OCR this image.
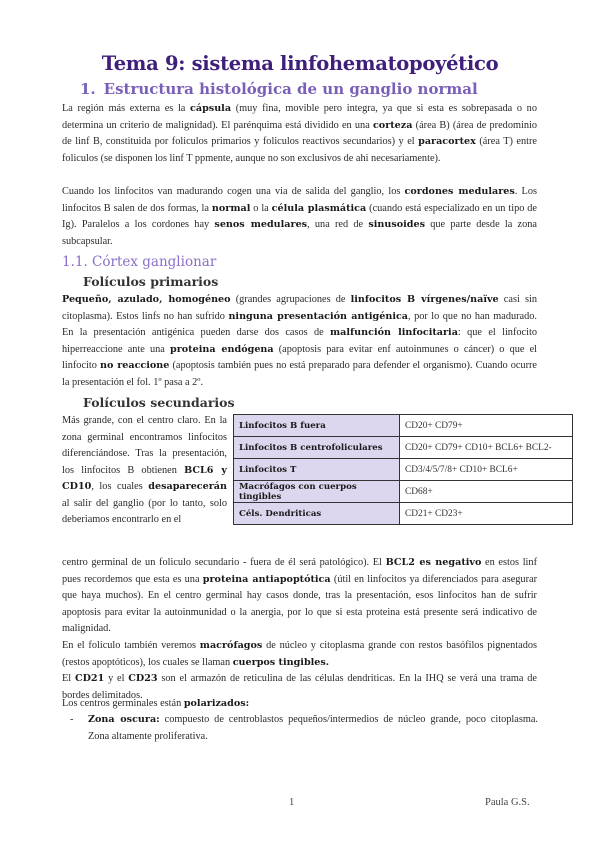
Tema 9: sistema linfohematopoyético
1. Estructura histológica de un ganglio normal
La región más externa es la cápsula (muy fina, movible pero integra, ya que si esta es sobrepasada o no determina un criterio de malignidad). El parénquima está dividido en una corteza (área B) (área de predominio de linf B, constituida por foliculos primarios y foliculos reactivos secundarios) y el paracortex (área T) entre foliculos (se disponen los linf T ppmente, aunque no son exclusivos de ahi necesariamente).
Cuando los linfocitos van madurando cogen una via de salida del ganglio, los cordones medulares. Los linfocitos B salen de dos formas, la normal o la célula plasmática (cuando está especializado en un tipo de Ig). Paralelos a los cordones hay senos medulares, una red de sinusoides que parte desde la zona subcapsular.
1.1. Córtex ganglionar
Folículos primarios
Pequeño, azulado, homogéneo (grandes agrupaciones de linfocitos B vírgenes/naïve casi sin citoplasma). Estos linfs no han sufrido ninguna presentación antigénica, por lo que no han madurado. En la presentación antigénica pueden darse dos casos de malfunción linfocitaria: que el linfocito hiperreaccione ante una proteina endógena (apoptosis para evitar enf autoinmunes o cáncer) o que el linfocito no reaccione (apoptosis también pues no está preparado para defender el organismo). Cuando ocurre la presentación el fol. 1º pasa a 2º.
Folículos secundarios
Más grande, con el centro claro. En la zona germinal encontramos linfocitos diferenciándose. Tras la presentación, los linfocitos B obtienen BCL6 y CD10, los cuales desaparecerán al salir del ganglio (por lo tanto, solo deberiamos encontrarlo en el
Linfocitos B fuera	CD20+ CD79+
Linfocitos B centrofoliculares	CD20+ CD79+ CD10+ BCL6+ BCL2-
Linfocitos T	CD3/4/5/7/8+ CD10+ BCL6+
Macrófagos con cuerpos tingibles	CD68+
Céls. Dendriticas	CD21+ CD23+
centro germinal de un foliculo secundario - fuera de él será patológico). El BCL2 es negativo en estos linf pues recordemos que esta es una proteina antiapoptótica (útil en linfocitos ya diferenciados para asegurar que haya muchos). En el centro germinal hay casos donde, tras la presentación, esos linfocitos han de sufrir apoptosis para evitar la autoinmunidad o la anergia, por lo que si esta proteina está presente será indicativo de malignidad.
En el foliculo también veremos macrófagos de núcleo y citoplasma grande con restos basófilos pignentados (restos apoptóticos), los cuales se llaman cuerpos tingibles.
El CD21 y el CD23 son el armazón de reticulina de las células dendriticas. En la IHQ se verá una trama de bordes delimitados.
Los centros germinales están polarizados:
- Zona oscura: compuesto de centroblastos pequeños/intermedios de núcleo grande, poco citoplasma. Zona altamente proliferativa.
1	Paula G.S.
